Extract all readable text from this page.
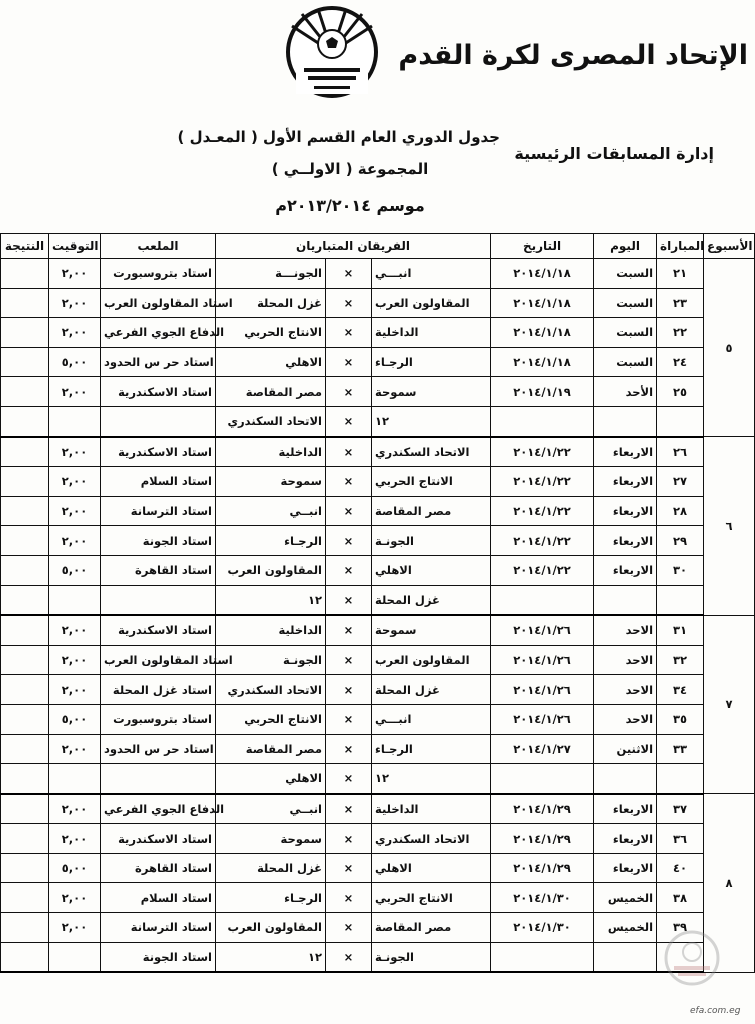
الإتحاد المصرى لكرة القدم
إدارة المسابقات الرئيسية
جدول الدوري العام القسم الأول ( المعـدل )
المجموعة ( الاولــي )
موسم ٢٠١٣/٢٠١٤م
النتيجة	التوقيت	الملعب	الفريقان المتباريان			التاريخ	اليوم	المباراة	الأسبوع
	٢,٠٠	استاد بتروسبورت	الجونـــة	×	انبـــي	٢٠١٤/١/١٨	السبت	٢١	٥
	٢,٠٠	استاد المقاولون العرب	غزل المحلة	×	المقاولون العرب	٢٠١٤/١/١٨	السبت	٢٣	
	٢,٠٠	الدفاع الجوي الفرعي	الانتاج الحربي	×	الداخلية	٢٠١٤/١/١٨	السبت	٢٢	
	٥,٠٠	استاد حر س الحدود	الاهلي	×	الرجـاء	٢٠١٤/١/١٨	السبت	٢٤	
	٢,٠٠	استاد الاسكندرية	مصر المقاصة	×	سموحة	٢٠١٤/١/١٩	الأحد	٢٥	
			الاتحاد السكندري	×	١٢				
	٢,٠٠	استاد الاسكندرية	الداخلية	×	الاتحاد السكندري	٢٠١٤/١/٢٢	الاربعاء	٢٦	٦
	٢,٠٠	استاد السلام	سموحة	×	الانتاج الحربي	٢٠١٤/١/٢٢	الاربعاء	٢٧	
	٢,٠٠	استاد الترسانة	انبــي	×	مصر المقاصة	٢٠١٤/١/٢٢	الاربعاء	٢٨	
	٢,٠٠	استاد الجونة	الرجـاء	×	الجونـة	٢٠١٤/١/٢٢	الاربعاء	٢٩	
	٥,٠٠	استاد القاهرة	المقاولون العرب	×	الاهلي	٢٠١٤/١/٢٢	الاربعاء	٣٠	
			١٢	×	غزل المحلة				
	٢,٠٠	استاد الاسكندرية	الداخلية	×	سموحة	٢٠١٤/١/٢٦	الاحد	٣١	٧
	٢,٠٠	استاد المقاولون العرب	الجونـة	×	المقاولون العرب	٢٠١٤/١/٢٦	الاحد	٣٢	
	٢,٠٠	استاد غزل المحلة	الاتحاد السكندري	×	غزل المحلة	٢٠١٤/١/٢٦	الاحد	٣٤	
	٥,٠٠	استاد بتروسبورت	الانتاج الحربي	×	انبـــي	٢٠١٤/١/٢٦	الاحد	٣٥	
	٢,٠٠	استاد حر س الحدود	مصر المقاصة	×	الرجـاء	٢٠١٤/١/٢٧	الاثنين	٣٣	
			الاهلي	×	١٢				
	٢,٠٠	الدفاع الجوي الفرعي	انبــي	×	الداخلية	٢٠١٤/١/٢٩	الاربعاء	٣٧	٨
	٢,٠٠	استاد الاسكندرية	سموحة	×	الاتحاد السكندري	٢٠١٤/١/٢٩	الاربعاء	٣٦	
	٥,٠٠	استاد القاهرة	غزل المحلة	×	الاهلي	٢٠١٤/١/٢٩	الاربعاء	٤٠	
	٢,٠٠	استاد السلام	الرجـاء	×	الانتاج الحربي	٢٠١٤/١/٣٠	الخميس	٣٨	
	٢,٠٠	استاد الترسانة	المقاولون العرب	×	مصر المقاصة	٢٠١٤/١/٣٠	الخميس	٣٩	
		استاد الجونة	١٢	×	الجونـة				
efa.com.eg
